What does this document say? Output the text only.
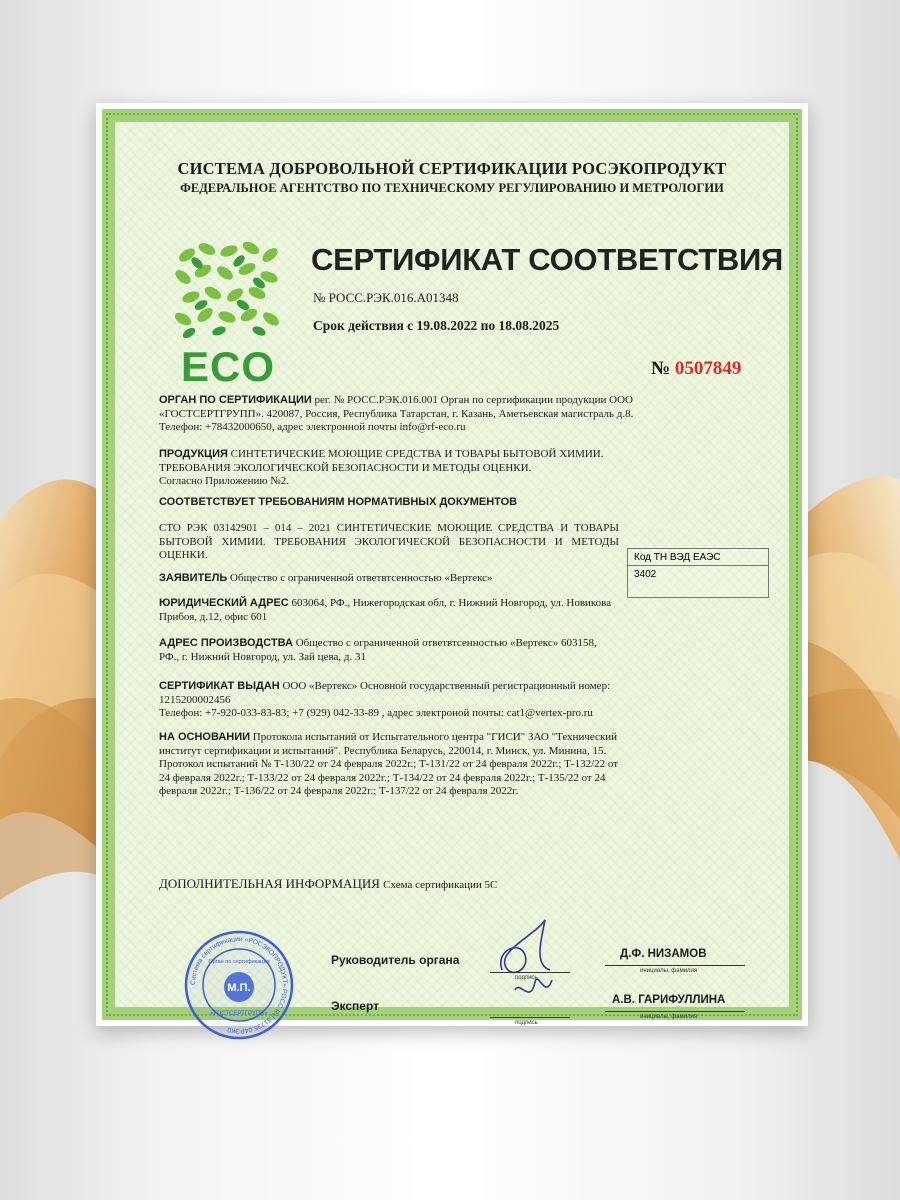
СИСТЕМА ДОБРОВОЛЬНОЙ СЕРТИФИКАЦИИ РОСЭКОПРОДУКТ
ФЕДЕРАЛЬНОЕ АГЕНТСТВО ПО ТЕХНИЧЕСКОМУ РЕГУЛИРОВАНИЮ И МЕТРОЛОГИИ
ECO
СЕРТИФИКАТ СООТВЕТСТВИЯ
№ РОСС.РЭК.016.А01348
Срок действия с 19.08.2022 по 18.08.2025
№ 0507849
ОРГАН ПО СЕРТИФИКАЦИИ рег. № РОСС.РЭК.016.001 Орган по сертификации продукции ООО «ГОСТСЕРТГРУПП». 420087, Россия, Республика Татарстан, г. Казань, Аметьевская магистраль д.8. Телефон: +78432000650, адрес электронной почты info@rf-eco.ru
ПРОДУКЦИЯ СИНТЕТИЧЕСКИЕ МОЮЩИЕ СРЕДСТВА И ТОВАРЫ БЫТОВОЙ ХИМИИ. ТРЕБОВАНИЯ ЭКОЛОГИЧЕСКОЙ БЕЗОПАСНОСТИ И МЕТОДЫ ОЦЕНКИ.
Согласно Приложению №2.
СООТВЕТСТВУЕТ ТРЕБОВАНИЯМ НОРМАТИВНЫХ ДОКУМЕНТОВ
СТО РЭК 03142901 – 014 – 2021 СИНТЕТИЧЕСКИЕ МОЮЩИЕ СРЕДСТВА И ТОВАРЫ БЫТОВОЙ ХИМИИ. ТРЕБОВАНИЯ ЭКОЛОГИЧЕСКОЙ БЕЗОПАСНОСТИ И МЕТОДЫ ОЦЕНКИ.	Код ТН ВЭД ЕАЭС
3402
ЗАЯВИТЕЛЬ Общество с ограниченной ответвтсенностью «Вертекс»
ЮРИДИЧЕСКИЙ АДРЕС 603064, РФ., Нижегородская обл, г. Нижний Новгород, ул. Новикова Прибоя, д.12, офис 601
АДРЕС ПРОИЗВОДСТВА Общество с ограниченной ответвтсенностью «Вертекс» 603158, РФ., г. Нижний Новгород, ул. Зай цева, д. 31
СЕРТИФИКАТ ВЫДАН ООО «Вертекс» Основной государственный регистрационный номер: 1215200002456
Телефон: +7-920-033-83-83; +7 (929) 042-33-89 , адрес электроной почты: cat1@vertex-pro.ru
НА ОСНОВАНИИ Протокола испытаний от Испытательного центра "ГИСИ" ЗАО "Технический институт сертификации и испытаний". Республика Беларусь, 220014, г. Минск, ул. Минина, 15. Протокол испытаний № Т-130/22 от 24 февраля 2022г.; Т-131/22 от 24 февраля 2022г.; Т-132/22 от 24 февраля 2022г.; Т-133/22 от 24 февраля 2022г.; Т-134/22 от 24 февраля 2022г.; Т-135/22 от 24 февраля 2022г.; Т-136/22 от 24 февраля 2022г.; Т-137/22 от 24 февраля 2022г.
ДОПОЛНИТЕЛЬНАЯ ИНФОРМАЦИЯ Схема сертификации 5С
Система сертификации «РОСЭКОПРОДУКТ» РОСС.RU.31735.04РЭК0
Орган по сертификации
М.П.
«ГОСТСЕРТГРУПП»
Руководитель органа
Эксперт
подпись
подпись
Д.Ф. НИЗАМОВ
инициалы, фамилия
А.В. ГАРИФУЛЛИНА
инициалы, фамилия
